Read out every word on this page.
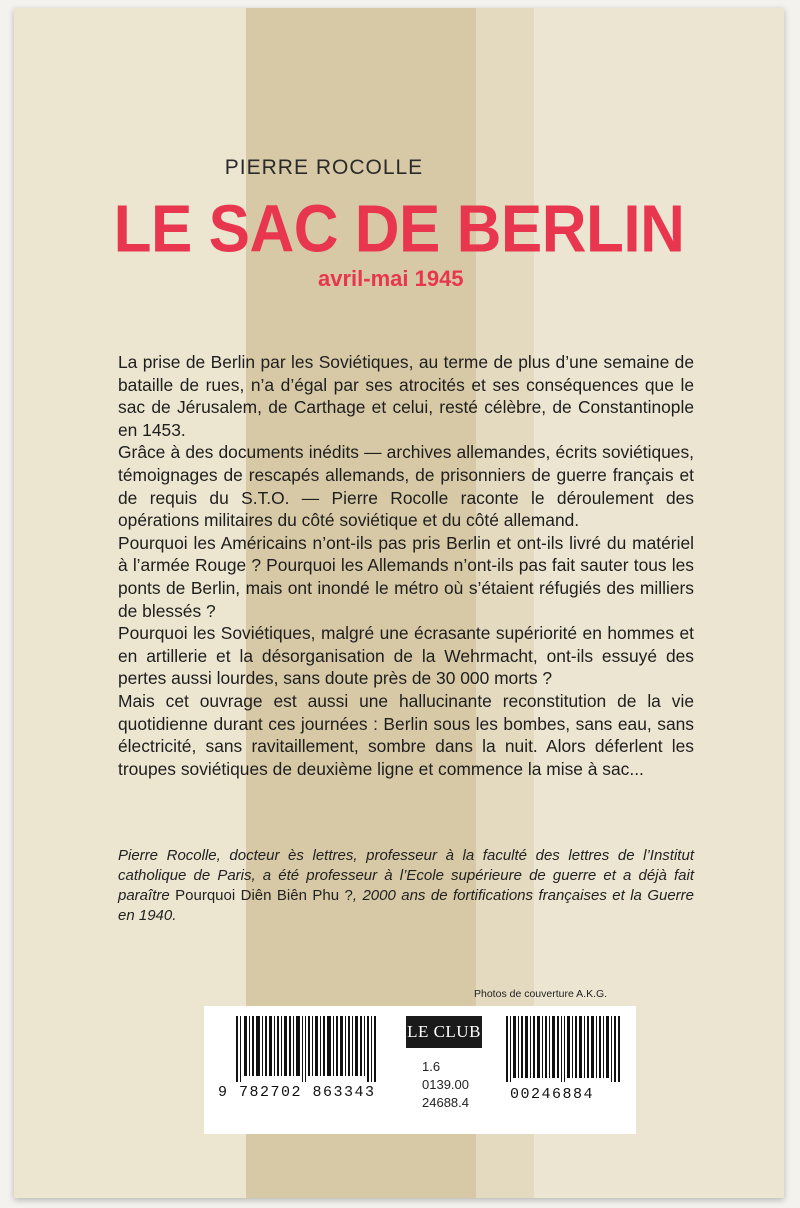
PIERRE ROCOLLE
LE SAC DE BERLIN
avril-mai 1945

La prise de Berlin par les Soviétiques, au terme de plus d’une semaine de bataille de rues, n’a d’égal par ses atrocités et ses conséquences que le sac de Jérusalem, de Carthage et celui, resté célèbre, de Constantinople en 1453.

Grâce à des documents inédits — archives allemandes, écrits soviétiques, témoignages de rescapés allemands, de prisonniers de guerre français et de requis du S.T.O. — Pierre Rocolle raconte le déroulement des opérations militaires du côté soviétique et du côté allemand.

Pourquoi les Américains n’ont-ils pas pris Berlin et ont-ils livré du matériel à l’armée Rouge ? Pourquoi les Allemands n’ont-ils pas fait sauter tous les ponts de Berlin, mais ont inondé le métro où s’étaient réfugiés des milliers de blessés ?

Pourquoi les Soviétiques, malgré une écrasante supériorité en hommes et en artillerie et la désorganisation de la Wehrmacht, ont-ils essuyé des pertes aussi lourdes, sans doute près de 30 000 morts ?

Mais cet ouvrage est aussi une hallucinante reconstitution de la vie quotidienne durant ces journées : Berlin sous les bombes, sans eau, sans électricité, sans ravitaillement, sombre dans la nuit. Alors déferlent les troupes soviétiques de deuxième ligne et commence la mise à sac...

Pierre Rocolle, docteur ès lettres, professeur à la faculté des lettres de l’Institut catholique de Paris, a été professeur à l’Ecole supérieure de guerre et a déjà fait paraître Pourquoi Diên Biên Phu ?, 2000 ans de fortifications françaises et la Guerre en 1940.
Photos de couverture A.K.G.
9 782702 863343
LE CLUB
1.6
0139.00
24688.4	00246884
